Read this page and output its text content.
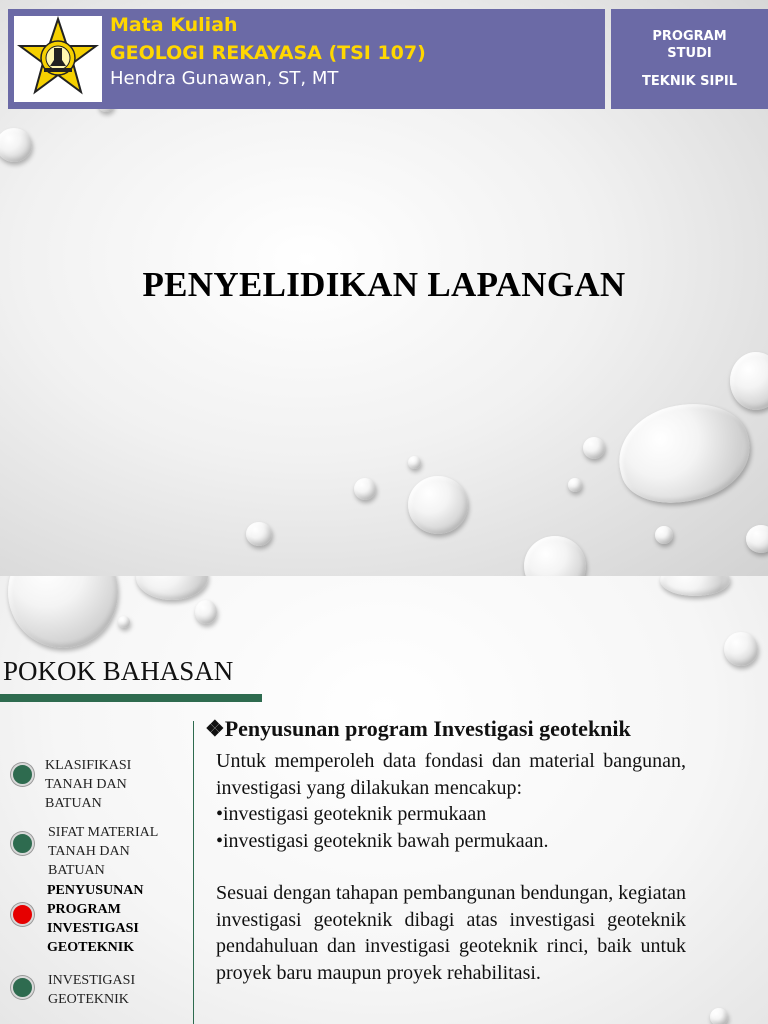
Mata Kuliah
GEOLOGI REKAYASA (TSI 107)
Hendra Gunawan, ST, MT
PROGRAM
STUDI
TEKNIK SIPIL
PENYELIDIKAN LAPANGAN
POKOK BAHASAN
KLASIFIKASI TANAH DAN BATUAN
SIFAT MATERIAL TANAH DAN BATUAN
PENYUSUNAN PROGRAM INVESTIGASI GEOTEKNIK
INVESTIGASI GEOTEKNIK
❖Penyusunan program Investigasi geoteknik
Untuk memperoleh data fondasi dan material bangunan, investigasi yang dilakukan mencakup:
•investigasi geoteknik permukaan
•investigasi geoteknik bawah permukaan.
Sesuai dengan tahapan pembangunan bendungan, kegiatan investigasi geoteknik dibagi atas investigasi geoteknik pendahuluan dan investigasi geoteknik rinci, baik untuk proyek baru maupun proyek rehabilitasi.
